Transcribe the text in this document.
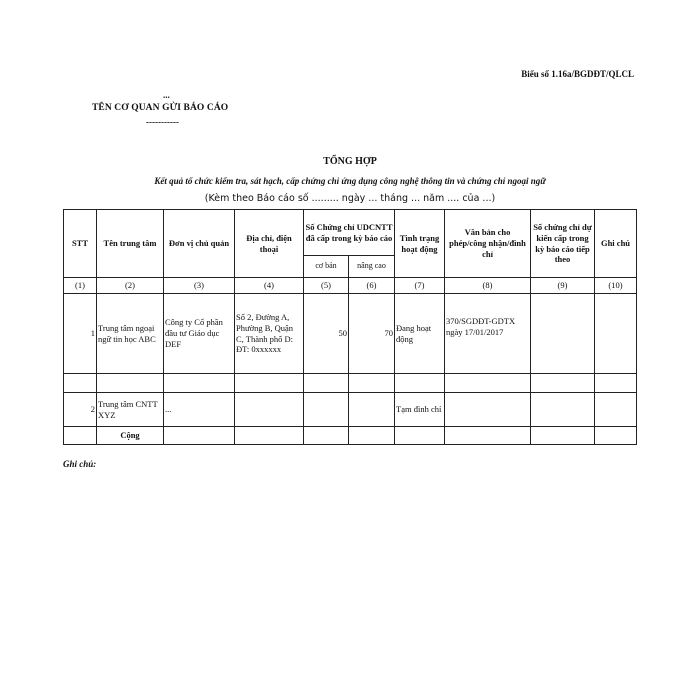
Biểu số 1.16a/BGDĐT/QLCL
...
TÊN CƠ QUAN GỬI BÁO CÁO
-----------
TỔNG HỢP
Kết quả tổ chức kiểm tra, sát hạch, cấp chứng chỉ ứng dụng công nghệ thông tin và chứng chỉ ngoại ngữ
(Kèm theo Báo cáo số ......... ngày ... tháng ... năm .... của ...)
STT	Tên trung tâm	Đơn vị chủ quản	Địa chỉ, điện thoại	Số Chứng chỉ UDCNTT đã cấp trong kỳ báo cáo		Tình trạng hoạt động	Văn bản cho phép/công nhận/đình chỉ	Số chứng chỉ dự kiến cấp trong kỳ báo cáo tiếp theo	Ghi chú
				cơ bản	nâng cao				
(1)	(2)	(3)	(4)	(5)	(6)	(7)	(8)	(9)	(10)
1	Trung tâm ngoại ngữ tin học ABC	Công ty Cổ phần đầu tư Giáo dục DEF	Số 2, Đường A, Phường B, Quận C, Thành phố D:
ĐT: 0xxxxxx	50	70	Đang hoạt động	370/SGDĐT-GDTX ngày 17/01/2017		

2	Trung tâm CNTT XYZ	...				Tạm đình chỉ			
	Cộng								
Ghi chú:
